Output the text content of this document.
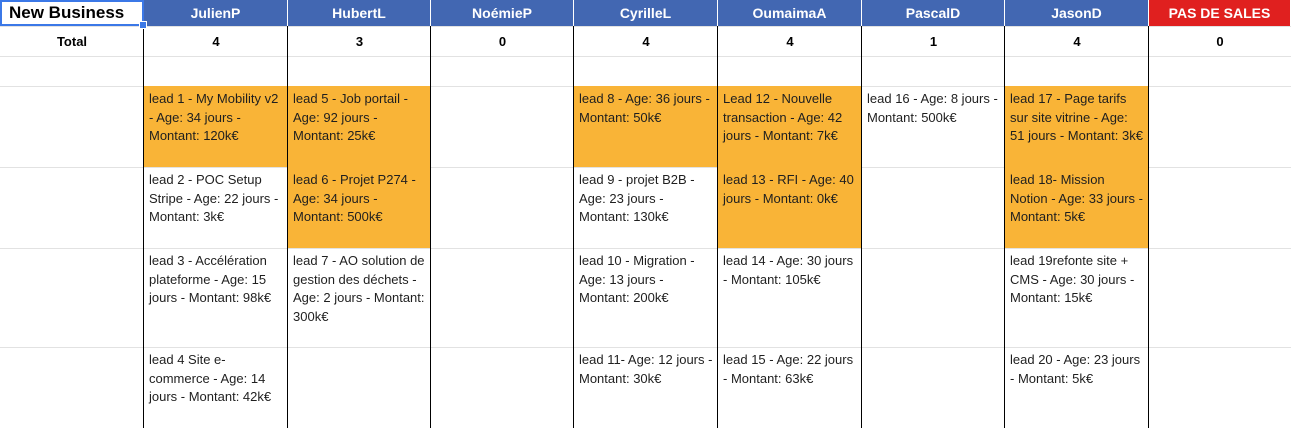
New Business
Total
JulienP
4
lead 1 - My Mobility v2 - Age: 34 jours - Montant: 120k€
lead 2 - POC Setup Stripe - Age: 22 jours - Montant: 3k€
lead 3 - Accélération plateforme - Age: 15 jours - Montant: 98k€
lead 4 Site e-commerce - Age: 14 jours - Montant: 42k€
HubertL
3
lead 5 - Job portail - Age: 92 jours - Montant: 25k€
lead 6 - Projet P274 - Age: 34 jours - Montant: 500k€
lead 7 - AO solution de gestion des déchets - Age: 2 jours - Montant: 300k€
NoémieP
0
CyrilleL
4
lead 8 - Age: 36 jours - Montant: 50k€
lead 9 - projet B2B - Age: 23 jours - Montant: 130k€
lead 10 - Migration - Age: 13 jours - Montant: 200k€
lead 11- Age: 12 jours - Montant: 30k€
OumaimaA
4
Lead 12 - Nouvelle transaction - Age: 42 jours - Montant: 7k€
lead 13 - RFI - Age: 40 jours - Montant: 0k€
lead 14 - Age: 30 jours - Montant: 105k€
lead 15 - Age: 22 jours - Montant: 63k€
PascalD
1
lead 16 - Age: 8 jours - Montant: 500k€
JasonD
4
lead 17 - Page tarifs sur site vitrine - Age: 51 jours - Montant: 3k€
lead 18- Mission Notion - Age: 33 jours - Montant: 5k€
lead 19refonte site + CMS - Age: 30 jours - Montant: 15k€
lead 20 - Age: 23 jours - Montant: 5k€
PAS DE SALES
0
